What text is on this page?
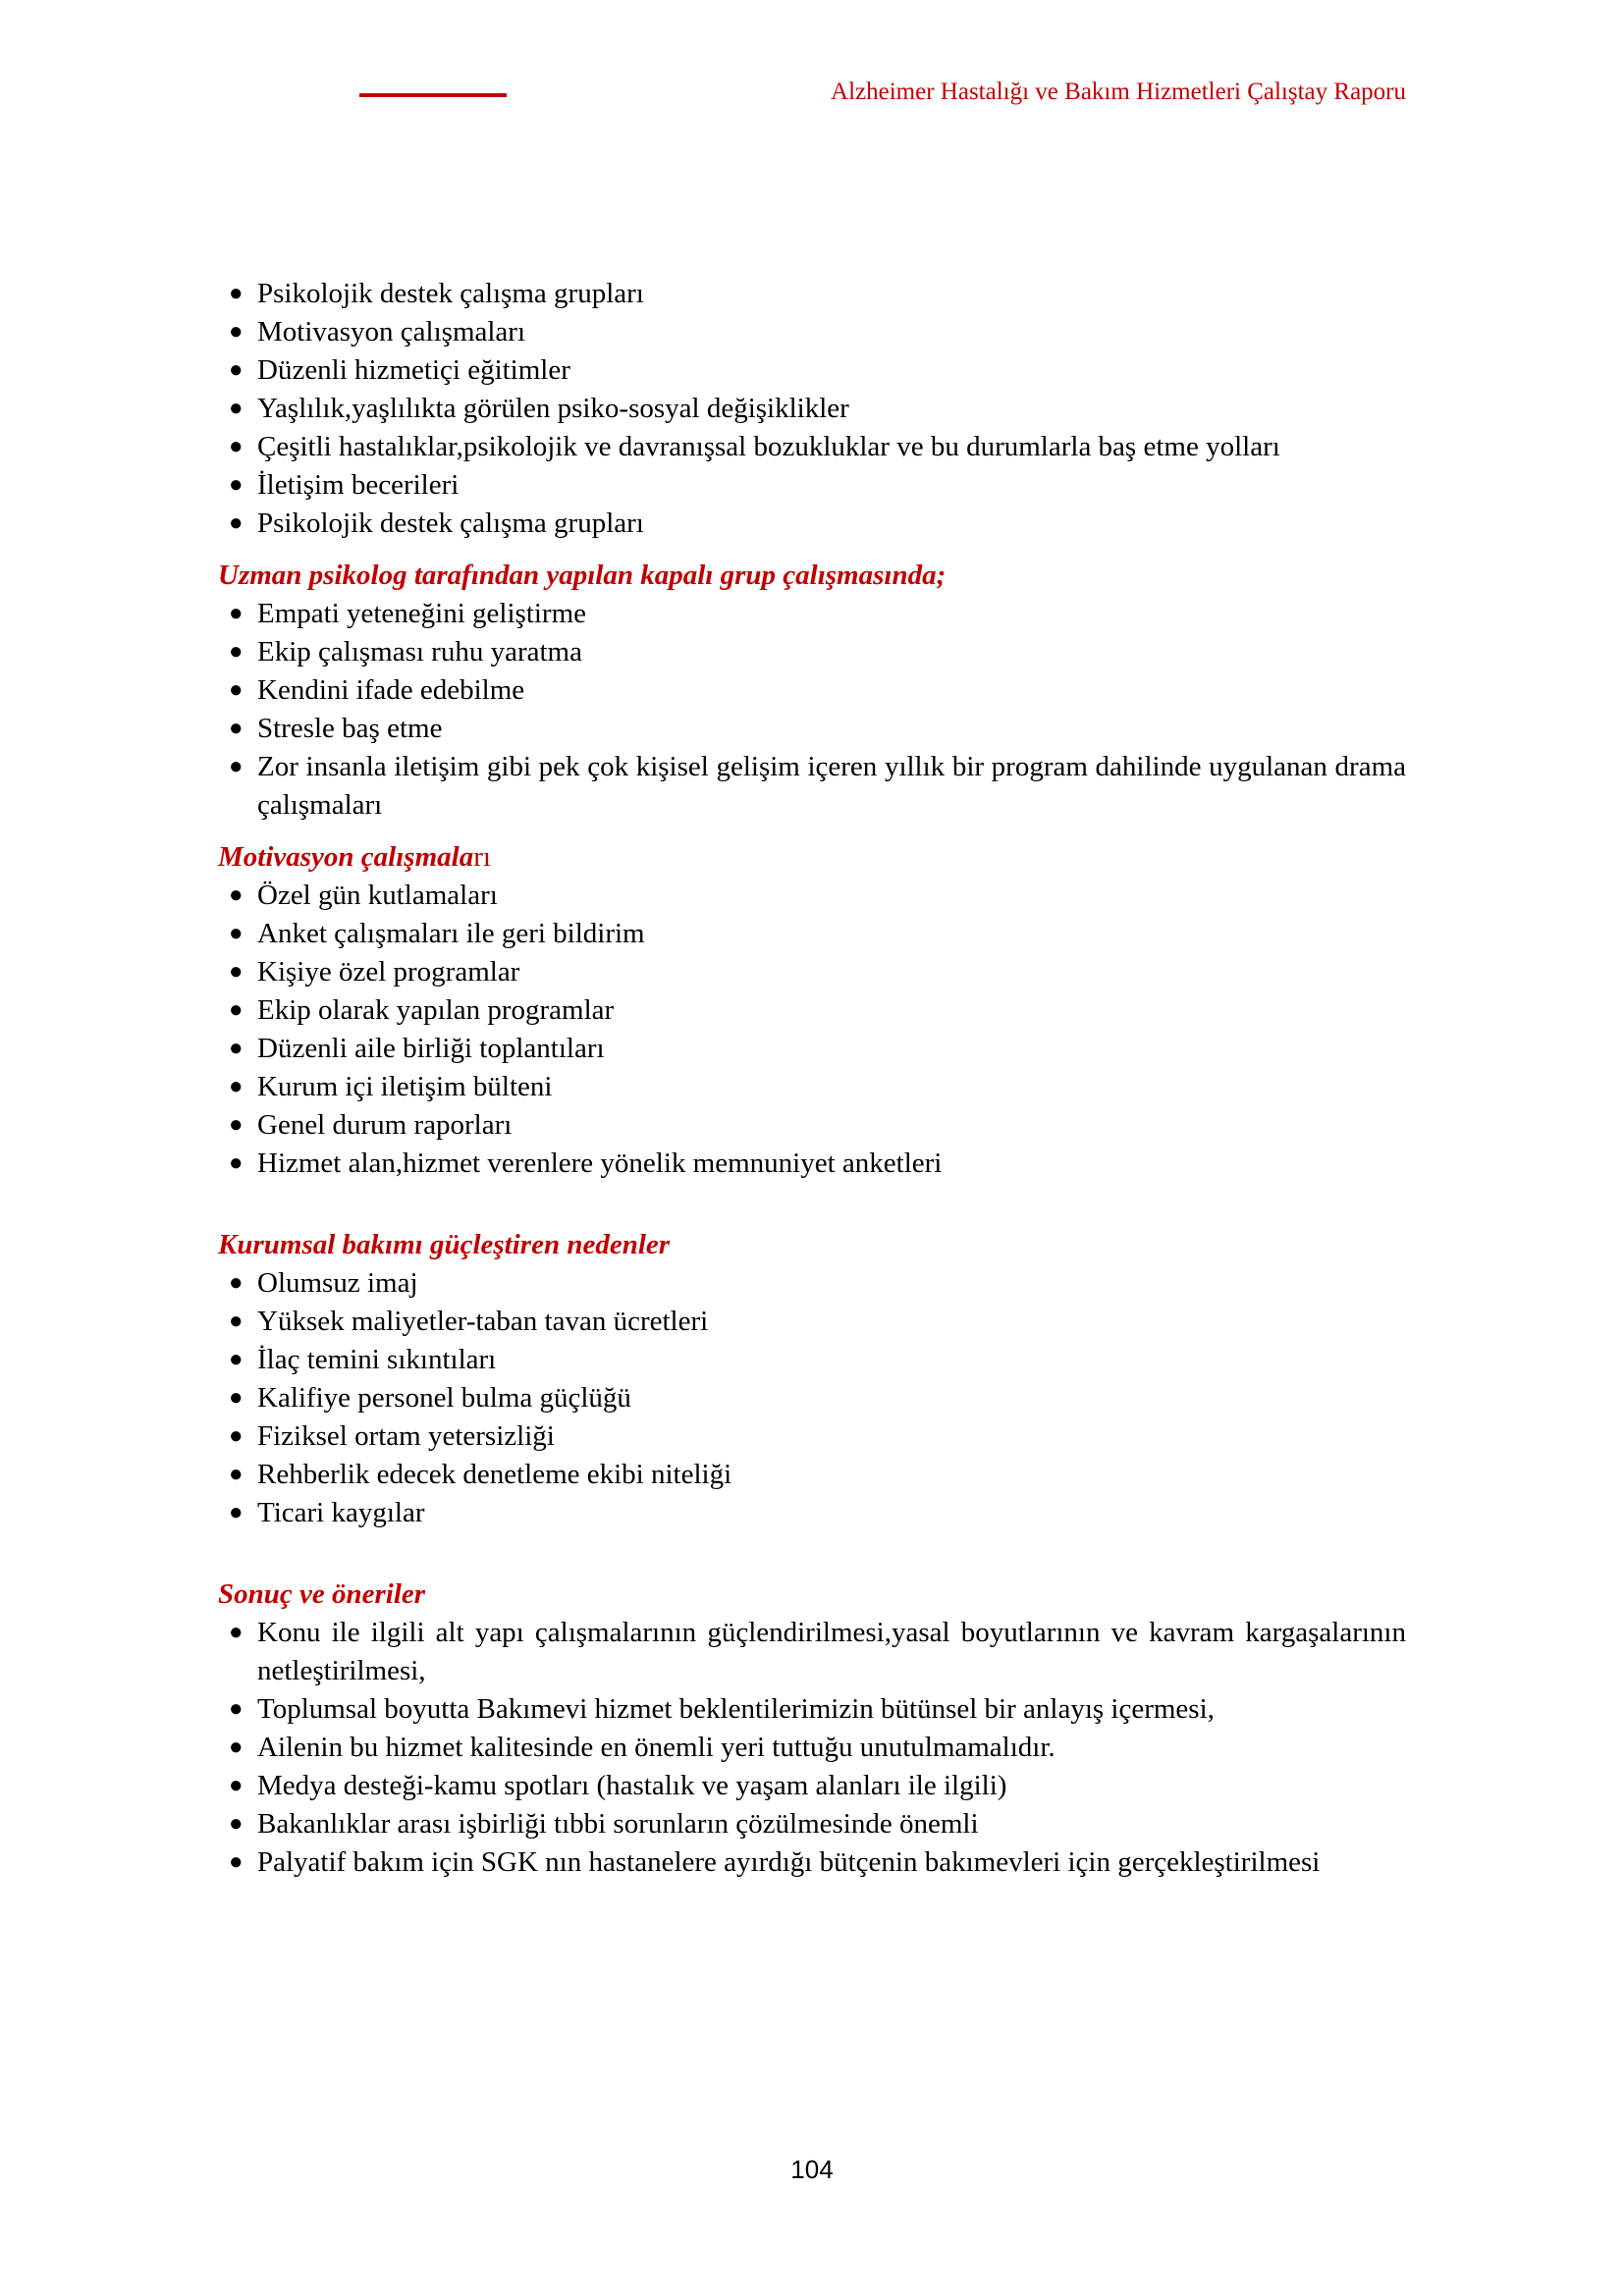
Alzheimer Hastalığı ve Bakım Hizmetleri Çalıştay Raporu
● Psikolojik destek çalışma grupları
● Motivasyon çalışmaları
● Düzenli hizmetiçi eğitimler
● Yaşlılık,yaşlılıkta görülen psiko-sosyal değişiklikler
● Çeşitli hastalıklar,psikolojik ve davranışsal bozukluklar ve bu durumlarla baş etme yolları
● İletişim becerileri
● Psikolojik destek çalışma grupları
Uzman psikolog tarafından yapılan kapalı grup çalışmasında;
● Empati yeteneğini geliştirme
● Ekip çalışması ruhu yaratma
● Kendini ifade edebilme
● Stresle baş etme
● Zor insanla iletişim gibi pek çok kişisel gelişim içeren yıllık bir program dahilinde uygulanan drama çalışmaları
Motivasyon çalışmaları
● Özel gün kutlamaları
● Anket çalışmaları ile geri bildirim
● Kişiye özel programlar
● Ekip olarak yapılan programlar
● Düzenli aile birliği toplantıları
● Kurum içi iletişim bülteni
● Genel durum raporları
● Hizmet alan,hizmet verenlere yönelik memnuniyet anketleri
Kurumsal bakımı güçleştiren nedenler
● Olumsuz imaj
● Yüksek maliyetler-taban tavan ücretleri
● İlaç temini sıkıntıları
● Kalifiye personel bulma güçlüğü
● Fiziksel ortam yetersizliği
● Rehberlik edecek denetleme ekibi niteliği
● Ticari kaygılar
Sonuç ve öneriler
● Konu ile ilgili alt yapı çalışmalarının güçlendirilmesi,yasal boyutlarının ve kavram kargaşalarının netleştirilmesi,
● Toplumsal boyutta Bakımevi hizmet beklentilerimizin bütünsel bir anlayış içermesi,
● Ailenin bu hizmet kalitesinde en önemli yeri tuttuğu unutulmamalıdır.
● Medya desteği-kamu spotları (hastalık ve yaşam alanları ile ilgili)
● Bakanlıklar arası işbirliği tıbbi sorunların çözülmesinde önemli
● Palyatif bakım için SGK nın hastanelere ayırdığı bütçenin bakımevleri için gerçekleştirilmesi
104
